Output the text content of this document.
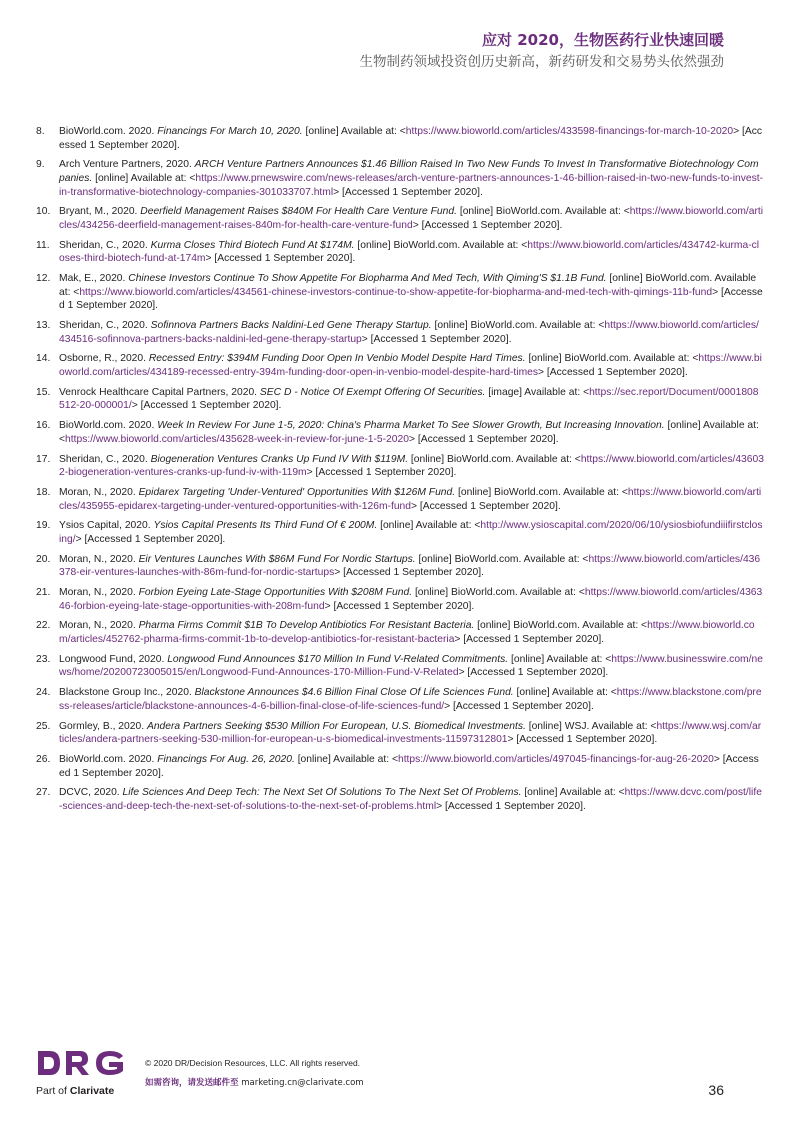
应对 2020，生物医药行业快速回暖
生物制药领域投资创历史新高，新药研发和交易势头依然强劲
8.	BioWorld.com. 2020. Financings For March 10, 2020. [online] Available at: <https://www.bioworld.com/articles/433598-financings-for-march-10-2020> [Accessed 1 September 2020].
9.	Arch Venture Partners, 2020. ARCH Venture Partners Announces $1.46 Billion Raised In Two New Funds To Invest In Transformative Biotechnology Companies. [online] Available at: <https://www.prnewswire.com/news-releases/arch-venture-partners-announces-1-46-billion-raised-in-two-new-funds-to-invest-in-transformative-biotechnology-companies-301033707.html> [Accessed 1 September 2020].
10. Bryant, M., 2020. Deerfield Management Raises $840M For Health Care Venture Fund. [online] BioWorld.com. Available at: <https://www.bioworld.com/articles/434256-deerfield-management-raises-840m-for-health-care-venture-fund> [Accessed 1 September 2020].
11. Sheridan, C., 2020. Kurma Closes Third Biotech Fund At $174M. [online] BioWorld.com. Available at: <https://www.bioworld.com/articles/434742-kurma-closes-third-biotech-fund-at-174m> [Accessed 1 September 2020].
12. Mak, E., 2020. Chinese Investors Continue To Show Appetite For Biopharma And Med Tech, With Qiming'S $1.1B Fund. [online] BioWorld.com. Available at: <https://www.bioworld.com/articles/434561-chinese-investors-continue-to-show-appetite-for-biopharma-and-med-tech-with-qimings-11b-fund> [Accessed 1 September 2020].
13. Sheridan, C., 2020. Sofinnova Partners Backs Naldini-Led Gene Therapy Startup. [online] BioWorld.com. Available at: <https://www.bioworld.com/articles/434516-sofinnova-partners-backs-naldini-led-gene-therapy-startup> [Accessed 1 September 2020].
14. Osborne, R., 2020. Recessed Entry: $394M Funding Door Open In Venbio Model Despite Hard Times. [online] BioWorld.com. Available at: <https://www.bioworld.com/articles/434189-recessed-entry-394m-funding-door-open-in-venbio-model-despite-hard-times> [Accessed 1 September 2020].
15. Venrock Healthcare Capital Partners, 2020. SEC D - Notice Of Exempt Offering Of Securities. [image] Available at: <https://sec.report/Document/0001808512-20-000001/> [Accessed 1 September 2020].
16. BioWorld.com. 2020. Week In Review For June 1-5, 2020: China's Pharma Market To See Slower Growth, But Increasing Innovation. [online] Available at: <https://www.bioworld.com/articles/435628-week-in-review-for-june-1-5-2020> [Accessed 1 September 2020].
17. Sheridan, C., 2020. Biogeneration Ventures Cranks Up Fund IV With $119M. [online] BioWorld.com. Available at: <https://www.bioworld.com/articles/436032-biogeneration-ventures-cranks-up-fund-iv-with-119m> [Accessed 1 September 2020].
18. Moran, N., 2020. Epidarex Targeting 'Under-Ventured' Opportunities With $126M Fund. [online] BioWorld.com. Available at: <https://www.bioworld.com/articles/435955-epidarex-targeting-under-ventured-opportunities-with-126m-fund> [Accessed 1 September 2020].
19. Ysios Capital, 2020. Ysios Capital Presents Its Third Fund Of € 200M. [online] Available at: <http://www.ysioscapital.com/2020/06/10/ysiosbiofundiiifirstclosing/> [Accessed 1 September 2020].
20. Moran, N., 2020. Eir Ventures Launches With $86M Fund For Nordic Startups. [online] BioWorld.com. Available at: <https://www.bioworld.com/articles/436378-eir-ventures-launches-with-86m-fund-for-nordic-startups> [Accessed 1 September 2020].
21. Moran, N., 2020. Forbion Eyeing Late-Stage Opportunities With $208M Fund. [online] BioWorld.com. Available at: <https://www.bioworld.com/articles/436346-forbion-eyeing-late-stage-opportunities-with-208m-fund> [Accessed 1 September 2020].
22. Moran, N., 2020. Pharma Firms Commit $1B To Develop Antibiotics For Resistant Bacteria. [online] BioWorld.com. Available at: <https://www.bioworld.com/articles/452762-pharma-firms-commit-1b-to-develop-antibiotics-for-resistant-bacteria> [Accessed 1 September 2020].
23. Longwood Fund, 2020. Longwood Fund Announces $170 Million In Fund V-Related Commitments. [online] Available at: <https://www.businesswire.com/news/home/20200723005015/en/Longwood-Fund-Announces-170-Million-Fund-V-Related> [Accessed 1 September 2020].
24. Blackstone Group Inc., 2020. Blackstone Announces $4.6 Billion Final Close Of Life Sciences Fund. [online] Available at: <https://www.blackstone.com/press-releases/article/blackstone-announces-4-6-billion-final-close-of-life-sciences-fund/> [Accessed 1 September 2020].
25. Gormley, B., 2020. Andera Partners Seeking $530 Million For European, U.S. Biomedical Investments. [online] WSJ. Available at: <https://www.wsj.com/articles/andera-partners-seeking-530-million-for-european-u-s-biomedical-investments-11597312801> [Accessed 1 September 2020].
26. BioWorld.com. 2020. Financings For Aug. 26, 2020. [online] Available at: <https://www.bioworld.com/articles/497045-financings-for-aug-26-2020> [Accessed 1 September 2020].
27. DCVC, 2020. Life Sciences And Deep Tech: The Next Set Of Solutions To The Next Set Of Problems. [online] Available at: <https://www.dcvc.com/post/life-sciences-and-deep-tech-the-next-set-of-solutions-to-the-next-set-of-problems.html> [Accessed 1 September 2020].
Part of Clarivate
© 2020 DR/Decision Resources, LLC. All rights reserved.
如需咨询，请发送邮件至 marketing.cn@clarivate.com	36
